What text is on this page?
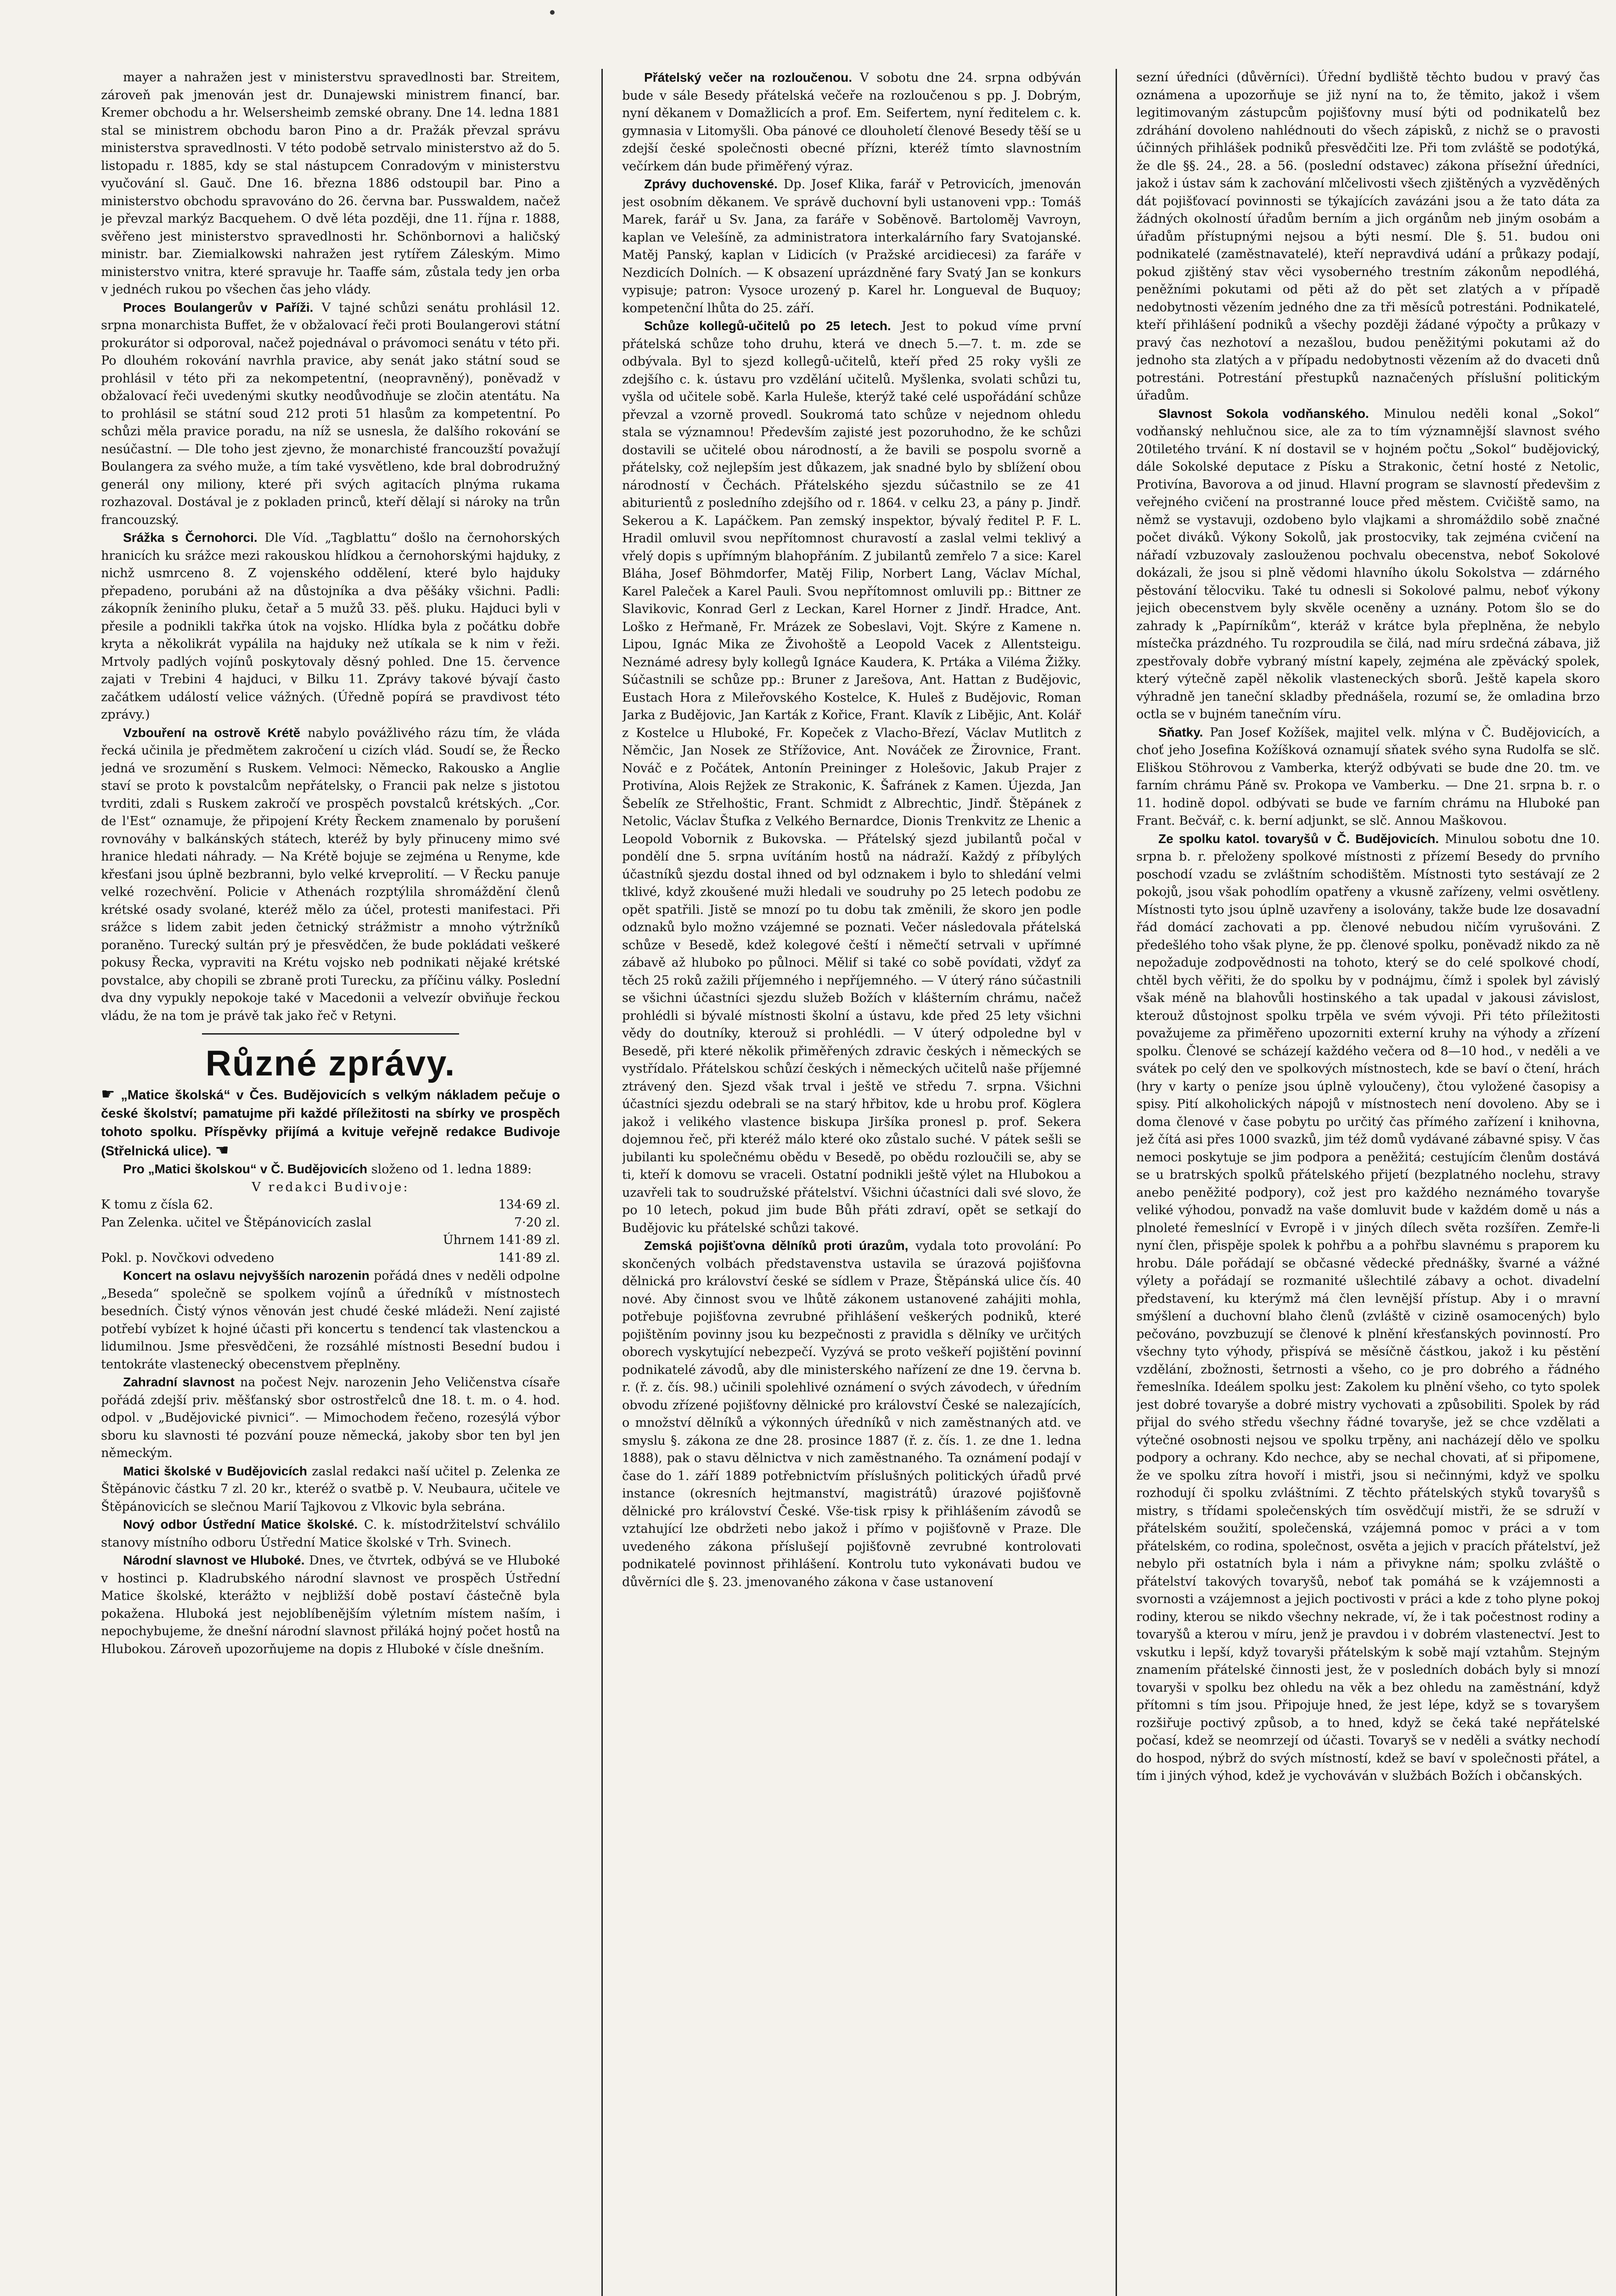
mayer a nahražen jest v ministerstvu spravedlnosti bar. Streitem, zároveň pak jmenován jest dr. Dunajewski ministrem financí, bar. Kremer obchodu a hr. Welsersheimb zemské obrany. Dne 14. ledna 1881 stal se ministrem obchodu baron Pino a dr. Pražák převzal správu ministerstva spravedlnosti. V této podobě setrvalo ministerstvo až do 5. listopadu r. 1885, kdy se stal nástupcem Conradovým v ministerstvu vyučování sl. Gauč. Dne 16. března 1886 odstoupil bar. Pino a ministerstvo obchodu spravováno do 26. června bar. Pusswaldem, načež je převzal markýz Bacquehem. O dvě léta později, dne 11. října r. 1888, svěřeno jest ministerstvo spravedlnosti hr. Schönbornovi a haličský ministr. bar. Ziemialkowski nahražen jest rytířem Záleským. Mimo ministerstvo vnitra, které spravuje hr. Taaffe sám, zůstala tedy jen orba v jednéch rukou po všechen čas jeho vlády.

Proces Boulangerův v Paříži. V tajné schůzi senátu prohlásil 12. srpna monarchista Buffet, že v obžalovací řeči proti Boulangerovi státní prokurátor si odporoval, načež pojednával o právomoci senátu v této při. Po dlouhém rokování navrhla pravice, aby senát jako státní soud se prohlásil v této při za nekompetentní, (neopravněný), poněvadž v obžalovací řeči uvedenými skutky neodůvodňuje se zločin atentátu. Na to prohlásil se státní soud 212 proti 51 hlasům za kompetentní. Po schůzi měla pravice poradu, na níž se usnesla, že dalšího rokování se nesúčastní. — Dle toho jest zjevno, že monarchisté francouzští považují Boulangera za svého muže, a tím také vysvětleno, kde bral dobrodružný generál ony miliony, které při svých agitacích plnýma rukama rozhazoval. Dostával je z pokladen princů, kteří dělají si nároky na trůn francouzský.

Srážka s Černohorci. Dle Víd. „Tagblattu“ došlo na černohorských hranicích ku srážce mezi rakouskou hlídkou a černohorskými hajduky, z nichž usmrceno 8. Z vojenského oddělení, které bylo hajduky přepadeno, porubáni až na důstojníka a dva pěšáky všichni. Padli: zákopník ženiního pluku, četař a 5 mužů 33. pěš. pluku. Hajduci byli v přesile a podnikli takřka útok na vojsko. Hlídka byla z počátku dobře kryta a několikrát vypálila na hajduky než utíkala se k nim v řeži. Mrtvoly padlých vojínů poskytovaly děsný pohled. Dne 15. července zajati v Trebini 4 hajduci, v Bilku 11. Zprávy takové bývají často začátkem událostí velice vážných. (Úředně popírá se pravdivost této zprávy.)

Vzbouření na ostrově Krétě nabylo povážlivého rázu tím, že vláda řecká učinila je předmětem zakročení u cizích vlád. Soudí se, že Řecko jedná ve srozumění s Ruskem. Velmoci: Německo, Rakousko a Anglie staví se proto k povstalcům nepřátelsky, o Francii pak nelze s jistotou tvrditi, zdali s Ruskem zakročí ve prospěch povstalců krétských. „Cor. de l'Est“ oznamuje, že připojení Kréty Řeckem znamenalo by porušení rovnováhy v balkánských státech, kteréž by byly přinuceny mimo své hranice hledati náhrady. — Na Krétě bojuje se zejména u Renyme, kde křesťani jsou úplně bezbranni, bylo velké krveprolití. — V Řecku panuje velké rozechvění. Policie v Athenách rozptýlila shromáždění členů krétské osady svolané, kteréž mělo za účel, protesti manifestaci. Při srážce s lidem zabit jeden četnický strážmistr a mnoho výtržníků poraněno. Turecký sultán prý je přesvědčen, že bude pokládati veškeré pokusy Řecka, vypraviti na Krétu vojsko neb podnikati nějaké krétské povstalce, aby chopili se zbraně proti Turecku, za příčinu války. Poslední dva dny vypukly nepokoje také v Macedonii a velvezír obviňuje řeckou vládu, že na tom je právě tak jako řeč v Retyni.

Různé zprávy.
☛ „Matice školská“ v Čes. Budějovicích s velkým nákladem pečuje o české školství; pamatujme při každé příležitosti na sbírky ve prospěch tohoto spolku. Příspěvky přijímá a kvituje veřejně redakce Budivoje (Střelnická ulice). ☚

Pro „Matici školskou“ v Č. Budějovicích složeno od 1. ledna 1889:

V redakci Budivoje:
K tomu z čísla 62.	134·69 zl.
Pan Zelenka. učitel ve Štěpánovicích zaslal	7·20 zl.
Úhrnem 141·89 zl.
Pokl. p. Novčkovi odvedeno	141·89 zl.

Koncert na oslavu nejvyšších narozenin pořádá dnes v neděli odpolne „Beseda“ společně se spolkem vojínů a úředníků v místnostech besedních. Čistý výnos věnován jest chudé české mládeži. Není zajisté potřebí vybízet k hojné účasti při koncertu s tendencí tak vlastenckou a lidumilnou. Jsme přesvědčeni, že rozsáhlé místnosti Besední budou i tentokráte vlastenecký obecenstvem přeplněny.

Zahradní slavnost na počest Nejv. narozenin Jeho Veličenstva císaře pořádá zdejší priv. měšťanský sbor ostrostřelců dne 18. t. m. o 4. hod. odpol. v „Budějovické pivnici“. — Mimochodem řečeno, rozesýlá výbor sboru ku slavnosti té pozvání pouze německá, jakoby sbor ten byl jen německým.

Matici školské v Budějovicích zaslal redakci naší učitel p. Zelenka ze Štěpánovic částku 7 zl. 20 kr., kteréž o svatbě p. V. Neubaura, učitele ve Štěpánovicích se slečnou Marií Tajkovou z Vlkovic byla sebrána.

Nový odbor Ústřední Matice školské. C. k. místodržitelství schválilo stanovy místního odboru Ústřední Matice školské v Trh. Svinech.

Národní slavnost ve Hluboké. Dnes, ve čtvrtek, odbývá se ve Hluboké v hostinci p. Kladrubského národní slavnost ve prospěch Ústřední Matice školské, kterážto v nejbližší době postaví částečně byla pokažena. Hluboká jest nejoblíbenějším výletním místem naším, i nepochybujeme, že dnešní národní slavnost přiláká hojný počet hostů na Hlubokou. Zároveň upozorňujeme na dopis z Hluboké v čísle dnešním.

Přátelský večer na rozloučenou. V sobotu dne 24. srpna odbýván bude v sále Besedy přátelská večeře na rozloučenou s pp. J. Dobrým, nyní děkanem v Domažlicích a prof. Em. Seifertem, nyní ředitelem c. k. gymnasia v Litomyšli. Oba pánové ce dlouholetí členové Besedy těší se u zdejší české společnosti obecné přízni, kteréž tímto slavnostním večírkem dán bude přiměřený výraz.

Zprávy duchovenské. Dp. Josef Klika, farář v Petrovicích, jmenován jest osobním děkanem. Ve správě duchovní byli ustanoveni vpp.: Tomáš Marek, farář u Sv. Jana, za faráře v Soběnově. Bartoloměj Vavroyn, kaplan ve Velešíně, za administratora interkalárního fary Svatojanské. Matěj Panský, kaplan v Lidicích (v Pražské arcidiecesi) za faráře v Nezdicích Dolních. — K obsazení uprázdněné fary Svatý Jan se konkurs vypisuje; patron: Vysoce urozený p. Karel hr. Longueval de Buquoy; kompetenční lhůta do 25. září.

Schůze kollegů-učitelů po 25 letech. Jest to pokud víme první přátelská schůze toho druhu, která ve dnech 5.—7. t. m. zde se odbývala. Byl to sjezd kollegů-učitelů, kteří před 25 roky vyšli ze zdejšího c. k. ústavu pro vzdělání učitelů. Myšlenka, svolati schůzi tu, vyšla od učitele sobě. Karla Huleše, kterýž také celé uspořádání schůze převzal a vzorně provedl. Soukromá tato schůze v nejednom ohledu stala se významnou! Především zajisté jest pozoruhodno, že ke schůzi dostavili se učitelé obou národností, a že bavili se pospolu svorně a přátelsky, což nejlepším jest důkazem, jak snadné bylo by sblížení obou národností v Čechách. Přátelského sjezdu súčastnilo se ze 41 abiturientů z posledního zdejšího od r. 1864. v celku 23, a pány p. Jindř. Sekerou a K. Lapáčkem. Pan zemský inspektor, bývalý ředitel P. F. L. Hradil omluvil svou nepřítomnost churavostí a zaslal velmi teklivý a vřelý dopis s upřímným blahopřáním. Z jubilantů zemřelo 7 a sice: Karel Bláha, Josef Böhmdorfer, Matěj Filip, Norbert Lang, Václav Míchal, Karel Paleček a Karel Pauli. Svou nepřítomnost omluvili pp.: Bittner ze Slavikovic, Konrad Gerl z Leckan, Karel Horner z Jindř. Hradce, Ant. Loško z Heřmaně, Fr. Mrázek ze Sobeslavi, Vojt. Skýre z Kamene n. Lipou, Ignác Mika ze Živohoště a Leopold Vacek z Allentsteigu. Neznámé adresy byly kollegů Ignáce Kaudera, K. Prtáka a Viléma Žižky. Súčastnili se schůze pp.: Bruner z Jarešova, Ant. Hattan z Budějovic, Eustach Hora z Mileřovského Kostelce, K. Huleš z Budějovic, Roman Jarka z Budějovic, Jan Karták z Kořice, Frant. Klavík z Libějic, Ant. Kolář z Kostelce u Hluboké, Fr. Kopeček z Vlacho-Březí, Václav Mutlitch z Němčic, Jan Nosek ze Střížovice, Ant. Nováček ze Žirovnice, Frant. Nováč e z Počátek, Antonín Preininger z Holešovic, Jakub Prajer z Protivína, Alois Rejžek ze Strakonic, K. Šafránek z Kamen. Újezda, Jan Šebelík ze Střelhoštic, Frant. Schmidt z Albrechtic, Jindř. Štěpánek z Netolic, Václav Štufka z Velkého Bernardce, Dionis Trenkvitz ze Lhenic a Leopold Vobornik z Bukovska. — Přátelský sjezd jubilantů počal v pondělí dne 5. srpna uvítáním hostů na nádraží. Každý z příbylých účastníků sjezdu dostal ihned od byl odznakem i bylo to shledání velmi tklivé, když zkoušené muži hledali ve soudruhy po 25 letech podobu ze opět spatřili. Jistě se mnozí po tu dobu tak změnili, že skoro jen podle odznaků bylo možno vzájemné se poznati. Večer následovala přátelská schůze v Besedě, kdež kolegové čeští i němečtí setrvali v upřímné zábavě až hluboko po půlnoci. Mělif si také co sobě povídati, vždyť za těch 25 roků zažili příjemného i nepříjemného. — V úterý ráno súčastnili se všichni účastníci sjezdu služeb Božích v klášterním chrámu, načež prohlédli si bývalé místnosti školní a ústavu, kde před 25 lety všichni vědy do doutníky, kterouž si prohlédli. — V úterý odpoledne byl v Besedě, při které několik přiměřených zdravic českých i německých se vystřídalo. Přátelskou schůzí českých i německých učitelů naše příjemné ztrávený den. Sjezd však trval i ještě ve středu 7. srpna. Všichni účastníci sjezdu odebrali se na starý hřbitov, kde u hrobu prof. Köglera jakož i velikého vlastence biskupa Jiršíka pronesl p. prof. Sekera dojemnou řeč, při kteréž málo které oko zůstalo suché. V pátek sešli se jubilanti ku společnému obědu v Besedě, po obědu rozloučili se, aby se ti, kteří k domovu se vraceli. Ostatní podnikli ještě výlet na Hlubokou a uzavřeli tak to soudružské přátelství. Všichni účastníci dali své slovo, že po 10 letech, pokud jim bude Bůh přáti zdraví, opět se setkají do Budějovic ku přátelské schůzi takové.

Zemská pojišťovna dělníků proti úrazům, vydala toto provolání: Po skončených volbách představenstva ustavila se úrazová pojišťovna dělnická pro království české se sídlem v Praze, Štěpánská ulice čís. 40 nové. Aby činnost svou ve lhůtě zákonem ustanovené zahájiti mohla, potřebuje pojišťovna zevrubné přihlášení veškerých podniků, které pojištěním povinny jsou ku bezpečnosti z pravidla s dělníky ve určitých oborech vyskytující nebezpečí. Vyzývá se proto veškeří pojištění povinní podnikatelé závodů, aby dle ministerského nařízení ze dne 19. června b. r. (ř. z. čís. 98.) učinili spolehlivé oznámení o svých závodech, v úředním obvodu zřízené pojišťovny dělnické pro království České se nalezajících, o množství dělníků a výkonných úředníků v nich zaměstnaných atd. ve smyslu §. zákona ze dne 28. prosince 1887 (ř. z. čís. 1. ze dne 1. ledna 1888), pak o stavu dělnictva v nich zaměstnaného. Ta oznámení podají v čase do 1. září 1889 potřebnictvím příslušných politických úřadů prvé instance (okresních hejtmanství, magistrátů) úrazové pojišťovně dělnické pro království České. Vše-tisk rpisy k přihlášením závodů se vztahující lze obdržeti nebo jakož i přímo v pojišťovně v Praze. Dle uvedeného zákona příslušejí pojišťovně zevrubné kontrolovati podnikatelé povinnost přihlášení. Kontrolu tuto vykonávati budou ve důvěrníci dle §. 23. jmenovaného zákona v čase ustanovení

sezní úředníci (důvěrníci). Úřední bydliště těchto budou v pravý čas oznámena a upozorňuje se již nyní na to, že těmito, jakož i všem legitimovaným zástupcům pojišťovny musí býti od podnikatelů bez zdráhání dovoleno nahlédnouti do všech zápisků, z nichž se o pravosti účinných přihlášek podniků přesvědčiti lze. Při tom zvláště se podotýká, že dle §§. 24., 28. a 56. (poslední odstavec) zákona přísežní úředníci, jakož i ústav sám k zachování mlčelivosti všech zjištěných a vyzvěděných dát pojišťovací povinnosti se týkajících zavázáni jsou a že tato dáta za žádných okolností úřadům berním a jich orgánům neb jiným osobám a úřadům přístupnými nejsou a býti nesmí. Dle §. 51. budou oni podnikatelé (zaměstnavatelé), kteří nepravdivá udání a průkazy podají, pokud zjištěný stav věci vysoberného trestním zákonům nepodléhá, peněžními pokutami od pěti až do pět set zlatých a v případě nedobytnosti vězením jedného dne za tři měsíců potrestáni. Podnikatelé, kteří přihlášení podniků a všechy později žádané výpočty a průkazy v pravý čas nezhotoví a nezašlou, budou peněžitými pokutami až do jednoho sta zlatých a v případu nedobytnosti vězením až do dvaceti dnů potrestáni. Potrestání přestupků naznačených příslušní politickým úřadům.

Slavnost Sokola vodňanského. Minulou neděli konal „Sokol“ vodňanský nehlučnou sice, ale za to tím významnější slavnost svého 20tiletého trvání. K ní dostavil se v hojném počtu „Sokol“ budějovický, dále Sokolské deputace z Písku a Strakonic, četní hosté z Netolic, Protivína, Bavorova a od jinud. Hlavní program se slavností předevšim z veřejného cvičení na prostranné louce před městem. Cvičiště samo, na němž se vystavuji, ozdobeno bylo vlajkami a shromáždilo sobě značné počet diváků. Výkony Sokolů, jak prostocviky, tak zejména cvičení na nářadí vzbuzovaly zaslouženou pochvalu obecenstva, neboť Sokolové dokázali, že jsou si plně vědomi hlavního úkolu Sokolstva — zdárného pěstování tělocviku. Také tu odnesli si Sokolové palmu, neboť výkony jejich obecenstvem byly skvěle oceněny a uznány. Potom šlo se do zahrady k „Papírníkům“, kteráž v krátce byla přeplněna, že nebylo místečka prázdného. Tu rozproudila se čilá, nad míru srdečná zábava, již zpestřovaly dobře vybraný místní kapely, zejména ale zpěvácký spolek, který výtečně zapěl několik vlasteneckých sborů. Ještě kapela skoro výhradně jen taneční skladby přednášela, rozumí se, že omladina brzo octla se v bujném tanečním víru.

Sňatky. Pan Josef Kožíšek, majitel velk. mlýna v Č. Budějovicích, a choť jeho Josefina Kožíšková oznamují sňatek svého syna Rudolfa se slč. Eliškou Stöhrovou z Vamberka, kterýž odbývati se bude dne 20. tm. ve farním chrámu Páně sv. Prokopa ve Vamberku. — Dne 21. srpna b. r. o 11. hodině dopol. odbývati se bude ve farním chrámu na Hluboké pan Frant. Bečvář, c. k. berní adjunkt, se slč. Annou Maškovou.

Ze spolku katol. tovaryšů v Č. Budějovicích. Minulou sobotu dne 10. srpna b. r. přeloženy spolkové místnosti z přízemí Besedy do prvního poschodí vzadu se zvláštním schodištěm. Místnosti tyto sestávají ze 2 pokojů, jsou však pohodlím opatřeny a vkusně zařízeny, velmi osvětleny. Místnosti tyto jsou úplně uzavřeny a isolovány, takže bude lze dosavadní řád domácí zachovati a pp. členové nebudou ničím vyrušováni. Z předešlého toho však plyne, že pp. členové spolku, poněvadž nikdo za ně nepožaduje zodpovědnosti na tohoto, který se do celé spolkové chodí, chtěl bych věřiti, že do spolku by v podnájmu, čímž i spolek byl závislý však méně na blahovůli hostinského a tak upadal v jakousi závislost, kterouž důstojnost spolku trpěla ve svém vývoji. Při této příležitosti považujeme za přiměřeno upozorniti externí kruhy na výhody a zřízení spolku. Členové se scházejí každého večera od 8—10 hod., v neděli a ve svátek po celý den ve spolkových místnostech, kde se baví o čtení, hrách (hry v karty o peníze jsou úplně vyloučeny), čtou vyložené časopisy a spisy. Pití alkoholických nápojů v místnostech není dovoleno. Aby se i doma členové v čase pobytu po určitý čas přímého zařízení i knihovna, jež čítá asi přes 1000 svazků, jim též domů vydávané zábavné spisy. V čas nemoci poskytuje se jim podpora a peněžitá; cestujícím členům dostává se u bratrských spolků přátelského přijetí (bezplatného noclehu, stravy anebo peněžité podpory), což jest pro každého neznámého tovaryše veliké výhodou, ponvadž na vaše domluvit bude v každém domě u nás a plnoleté řemeslnící v Evropě i v jiných dílech světa rozšířen. Zemře-li nyní člen, přispěje spolek k pohřbu a a pohřbu slavnému s praporem ku hrobu. Dále pořádají se občasné vědecké přednášky, švarné a vážné výlety a pořádají se rozmanité ušlechtilé zábavy a ochot. divadelní představení, ku kterýmž má člen levnější přístup. Aby i o mravní smýšlení a duchovní blaho členů (zvláště v cizině osamocených) bylo pečováno, povzbuzují se členové k plnění křesťanských povinností. Pro všechny tyto výhody, přispívá se měsíčně částkou, jakož i ku pěstění vzdělání, zbožnosti, šetrnosti a všeho, co je pro dobrého a řádného řemeslníka. Ideálem spolku jest: Zakolem ku plnění všeho, co tyto spolek jest dobré tovaryše a dobré mistry vychovati a způsobiliti. Spolek by rád přijal do svého středu všechny řádné tovaryše, jež se chce vzdělati a výtečné osobnosti nejsou ve spolku trpěny, ani nacházejí dělo ve spolku podpory a ochrany. Kdo nechce, aby se nechal chovati, ať si připomene, že ve spolku zítra hovoří i mistři, jsou si nečinnými, když ve spolku rozhodují či spolku zvláštními. Z těchto přátelských styků tovaryšů s mistry, s třídami společenských tím osvědčují mistři, že se sdruží v přátelském soužití, společenská, vzájemná pomoc v práci a v tom přátelském, co rodina, společnost, osvěta a jejich v pracích přátelství, jež nebylo při ostatních byla i nám a přivykne nám; spolku zvláště o přátelství takových tovaryšů, neboť tak pomáhá se k vzájemnosti a svornosti a vzájemnost a jejich poctivosti v práci a kde z toho plyne pokoj rodiny, kterou se nikdo všechny nekrade, ví, že i tak počestnost rodiny a tovaryšů a kterou v míru, jenž je pravdou i v dobrém vlastenectví. Jest to vskutku i lepší, když tovaryši přátelským k sobě mají vztahům. Stejným znamením přátelské činnosti jest, že v posledních dobách byly si mnozí tovaryši v spolku bez ohledu na věk a bez ohledu na zaměstnání, když přítomni s tím jsou. Připojuje hned, že jest lépe, když se s tovaryšem rozšiřuje poctivý způsob, a to hned, když se čeká také nepřátelské počasí, kdež se neomrzejí od účasti. Tovaryš se v neděli a svátky nechodí do hospod, nýbrž do svých místností, kdež se baví v společnosti přátel, a tím i jiných výhod, kdež je vychováván v službách Božích i občanských.
